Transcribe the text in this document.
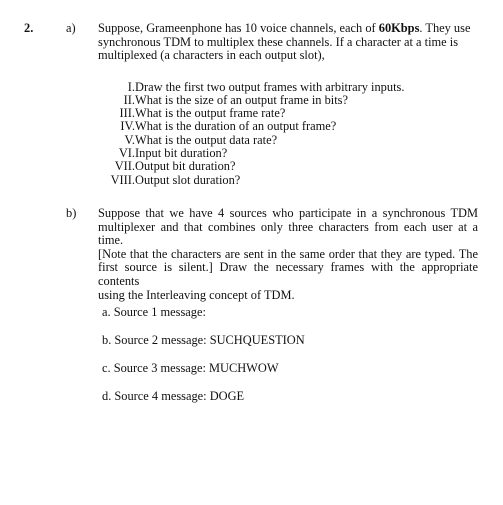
2.	a) Suppose, Grameenphone has 10 voice channels, each of 60Kbps. They use
synchronous TDM to multiplex these channels. If a character at a time is
multiplexed (a characters in each output slot),
I. Draw the first two output frames with arbitrary inputs.
II. What is the size of an output frame in bits?
III. What is the output frame rate?
IV. What is the duration of an output frame?
V. What is the output data rate?
VI. Input bit duration?
VII. Output bit duration?
VIII. Output slot duration?
b) Suppose that we have 4 sources who participate in a synchronous TDM
multiplexer and that combines only three characters from each user at a time.
[Note that the characters are sent in the same order that they are typed. The
first source is silent.] Draw the necessary frames with the appropriate contents
using the Interleaving concept of TDM.
a. Source 1 message:
b. Source 2 message: SUCHQUESTION
c. Source 3 message: MUCHWOW
d. Source 4 message: DOGE
